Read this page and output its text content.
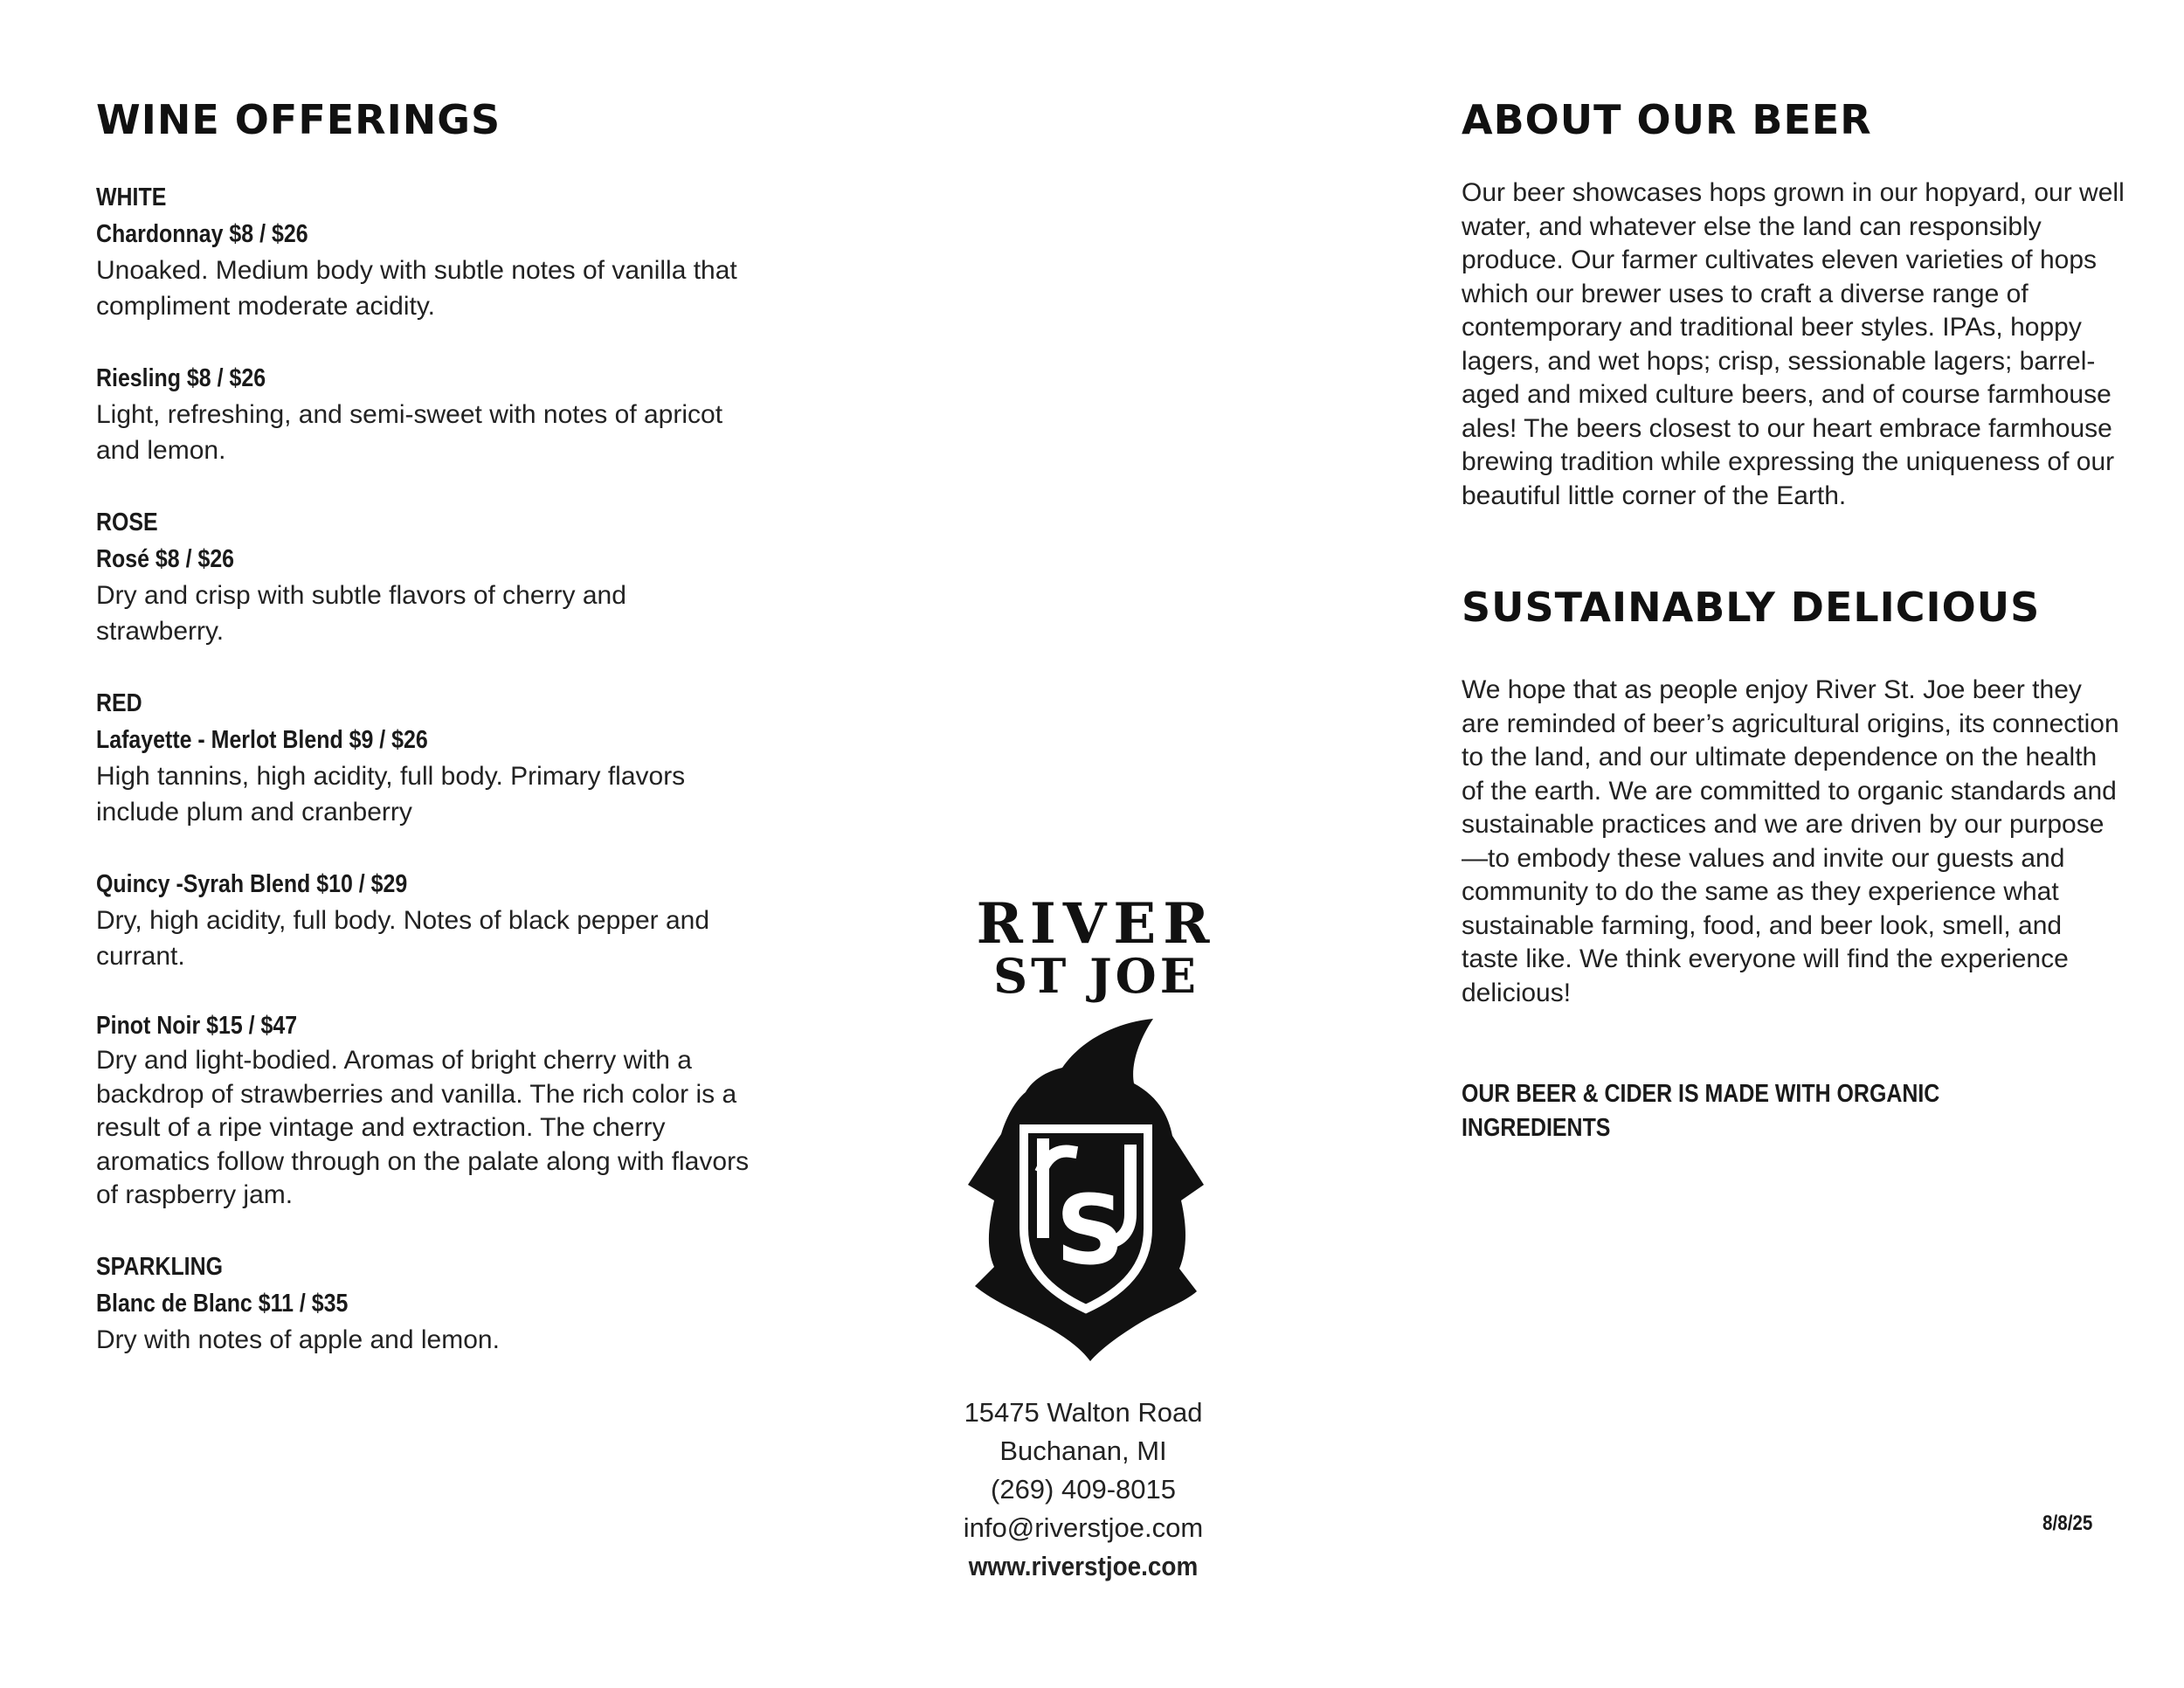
WINE OFFERINGS

WHITE

Chardonnay $8 / $26

Unoaked. Medium body with subtle notes of vanilla that compliment moderate acidity.

Riesling $8 / $26

Light, refreshing, and semi-sweet with notes of apricot and lemon.

ROSE

Rosé $8 / $26

Dry and crisp with subtle flavors of cherry and strawberry.

RED

Lafayette - Merlot Blend $9 / $26

High tannins, high acidity, full body. Primary flavors include plum and cranberry

Quincy -Syrah Blend $10 / $29

Dry, high acidity, full body. Notes of black pepper and currant.

Pinot Noir $15 / $47

Dry and light-bodied. Aromas of bright cherry with a backdrop of strawberries and vanilla. The rich color is a result of a ripe vintage and extraction. The cherry aromatics follow through on the palate along with flavors of raspberry jam.

SPARKLING

Blanc de Blanc $11 / $35

Dry with notes of apple and lemon.

RIVER

ST JOE

S

15475 Walton Road

Buchanan, MI

(269) 409-8015

info@riverstjoe.com

www.riverstjoe.com

ABOUT OUR BEER

Our beer showcases hops grown in our hopyard, our well water, and whatever else the land can responsibly produce. Our farmer cultivates eleven varieties of hops which our brewer uses to craft a diverse range of contemporary and traditional beer styles. IPAs, hoppy lagers, and wet hops; crisp, sessionable lagers; barrel-aged and mixed culture beers, and of course farmhouse ales! The beers closest to our heart embrace farmhouse brewing tradition while expressing the uniqueness of our beautiful little corner of the Earth.

SUSTAINABLY DELICIOUS

We hope that as people enjoy River St. Joe beer they are reminded of beer’s agricultural origins, its connection to the land, and our ultimate dependence on the health of the earth. We are committed to organic standards and sustainable practices and we are driven by our purpose—to embody these values and invite our guests and community to do the same as they experience what sustainable farming, food, and beer look, smell, and taste like. We think everyone will find the experience delicious!

OUR BEER & CIDER IS MADE WITH ORGANIC INGREDIENTS

8/8/25
